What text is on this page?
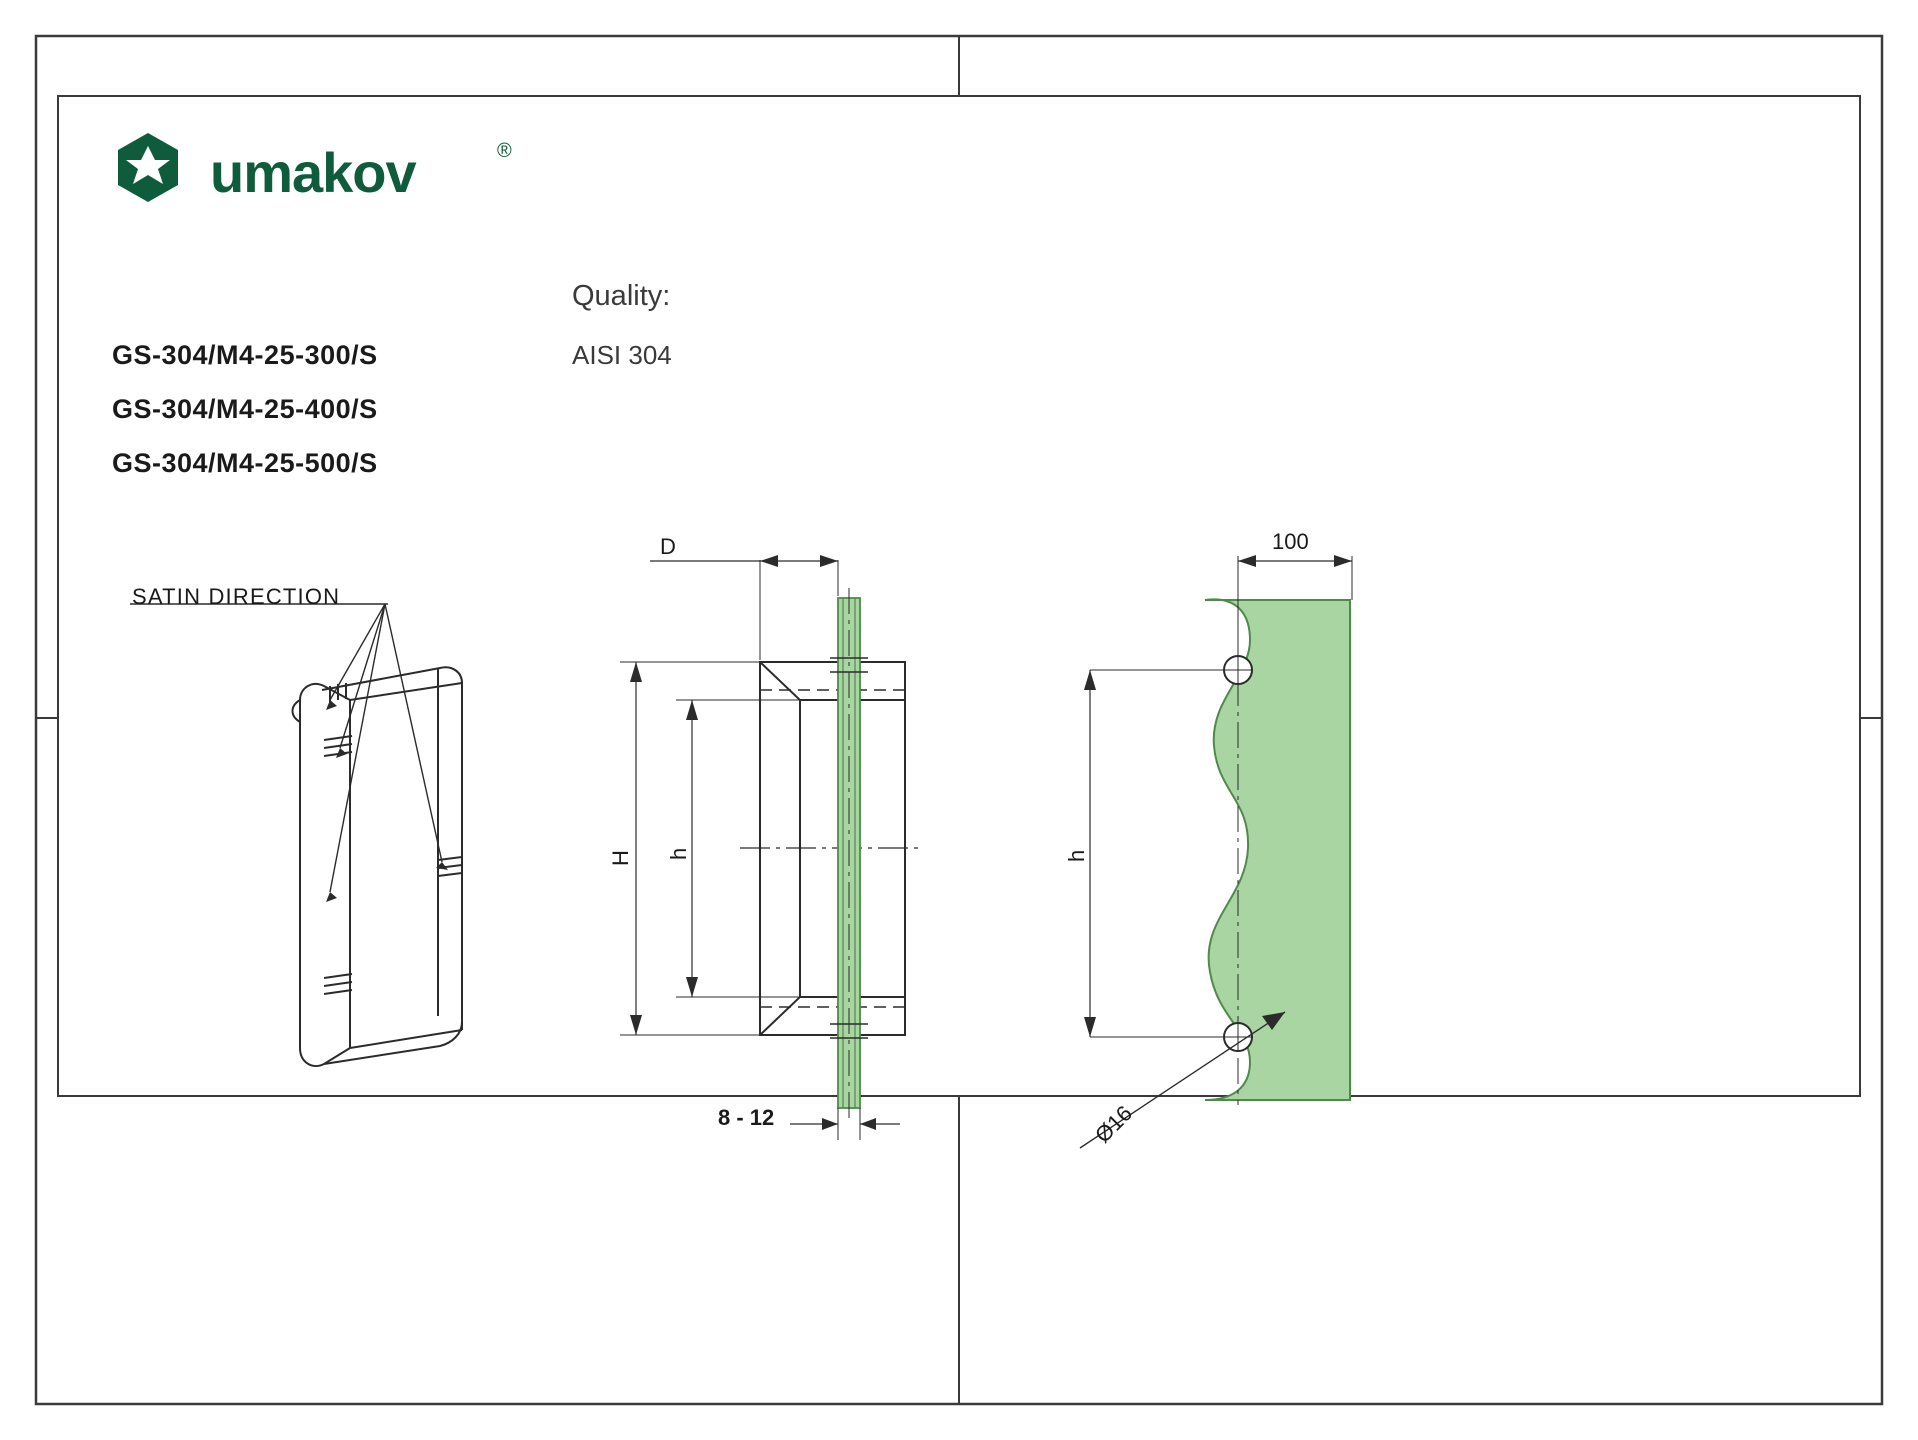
umakov	®
GS-304/M4-25-300/S
GS-304/M4-25-400/S
GS-304/M4-25-500/S
Quality:
AISI 304
SATIN DIRECTION
D
H h
8 - 12
100
h
Ø16
